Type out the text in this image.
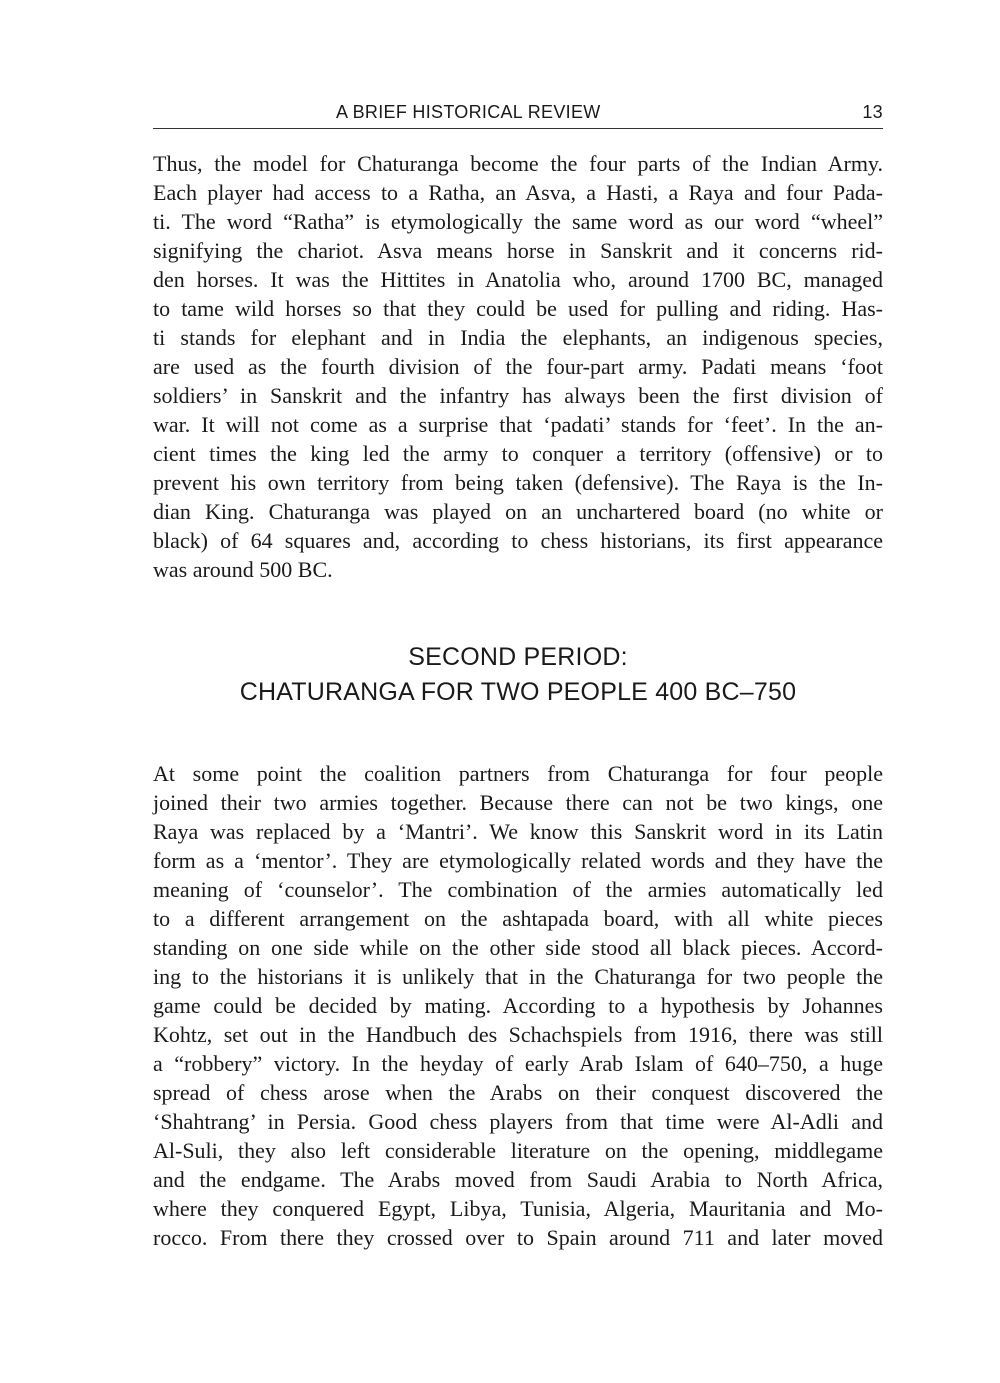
A BRIEF HISTORICAL REVIEW	13

Thus, the model for Chaturanga become the four parts of the Indian Army.
Each player had access to a Ratha, an Asva, a Hasti, a Raya and four Pada-
ti. The word “Ratha” is etymologically the same word as our word “wheel”
signifying the chariot. Asva means horse in Sanskrit and it concerns rid-
den horses. It was the Hittites in Anatolia who, around 1700 BC, managed
to tame wild horses so that they could be used for pulling and riding. Has-
ti stands for elephant and in India the elephants, an indigenous species,
are used as the fourth division of the four-part army. Padati means ‘foot
soldiers’ in Sanskrit and the infantry has always been the first division of
war. It will not come as a surprise that ‘padati’ stands for ‘feet’. In the an-
cient times the king led the army to conquer a territory (offensive) or to
prevent his own territory from being taken (defensive). The Raya is the In-
dian King. Chaturanga was played on an unchartered board (no white or
black) of 64 squares and, according to chess historians, its first appearance
was around 500 BC.

SECOND PERIOD:
CHATURANGA FOR TWO PEOPLE 400 BC–750

At some point the coalition partners from Chaturanga for four people
joined their two armies together. Because there can not be two kings, one
Raya was replaced by a ‘Mantri’. We know this Sanskrit word in its Latin
form as a ‘mentor’. They are etymologically related words and they have the
meaning of ‘counselor’. The combination of the armies automatically led
to a different arrangement on the ashtapada board, with all white pieces
standing on one side while on the other side stood all black pieces. Accord-
ing to the historians it is unlikely that in the Chaturanga for two people the
game could be decided by mating. According to a hypothesis by Johannes
Kohtz, set out in the Handbuch des Schachspiels from 1916, there was still
a “robbery” victory. In the heyday of early Arab Islam of 640–750, a huge
spread of chess arose when the Arabs on their conquest discovered the
‘Shahtrang’ in Persia. Good chess players from that time were Al-Adli and
Al-Suli, they also left considerable literature on the opening, middlegame
and the endgame. The Arabs moved from Saudi Arabia to North Africa,
where they conquered Egypt, Libya, Tunisia, Algeria, Mauritania and Mo-
rocco. From there they crossed over to Spain around 711 and later moved
